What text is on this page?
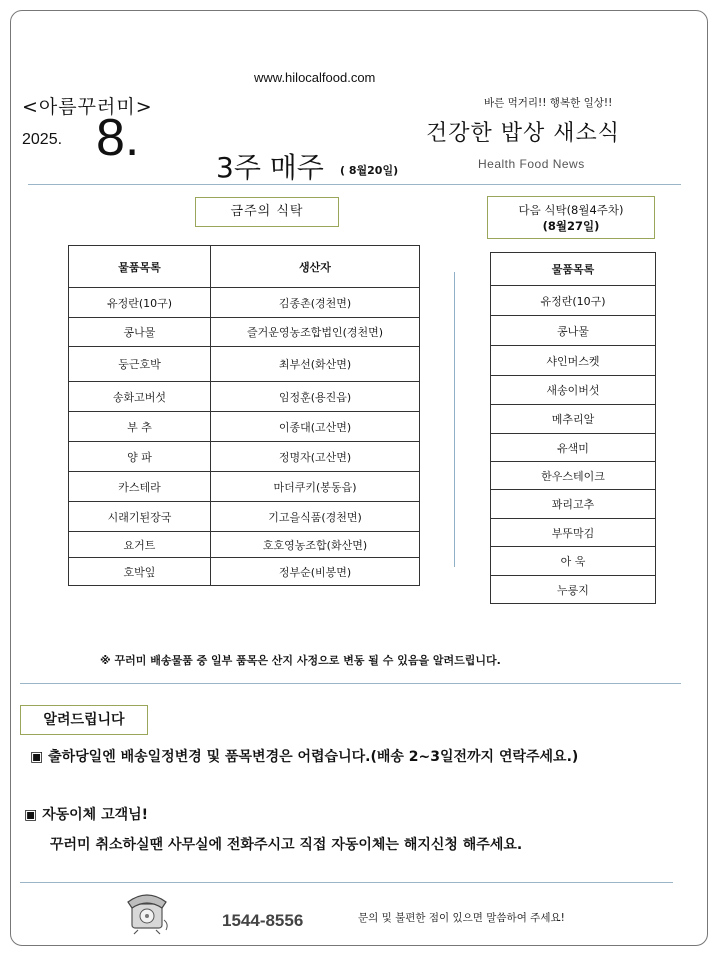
www.hilocalfood.com
<아름꾸러미>	바른 먹거리!! 행복한 일상!!
2025. 8.
3주 매주 ( 8월20일)
건강한 밥상 새소식
Health Food News
금주의 식탁	다음 식탁(8월4주차)
(8월27일)
물품목록	생산자
유정란(10구)	김종촌(경천면)
콩나물	즐거운영농조합법인(경천면)
둥근호박	최부선(화산면)
송화고버섯	임정훈(용진읍)
부 추	이종대(고산면)
양 파	정명자(고산면)
카스테라	마더쿠키(봉동읍)
시래기된장국	기고을식품(경천면)
요거트	호호영농조합(화산면)
호박잎	정부순(비봉면)
물품목록
유정란(10구)
콩나물
샤인머스켓
새송이버섯
메추리알
유색미
한우스테이크
꽈리고추
부뚜막김
아 욱
누룽지
※ 꾸러미 배송물품 중 일부 품목은 산지 사정으로 변동 될 수 있음을 알려드립니다.
알려드립니다
▣ 출하당일엔 배송일정변경 및 품목변경은 어렵습니다.(배송 2~3일전까지 연락주세요.)
▣ 자동이체 고객님!
꾸러미 취소하실땐 사무실에 전화주시고 직접 자동이체는 해지신청 해주세요.
1544-8556	문의 및 불편한 점이 있으면 말씀하여 주세요!
